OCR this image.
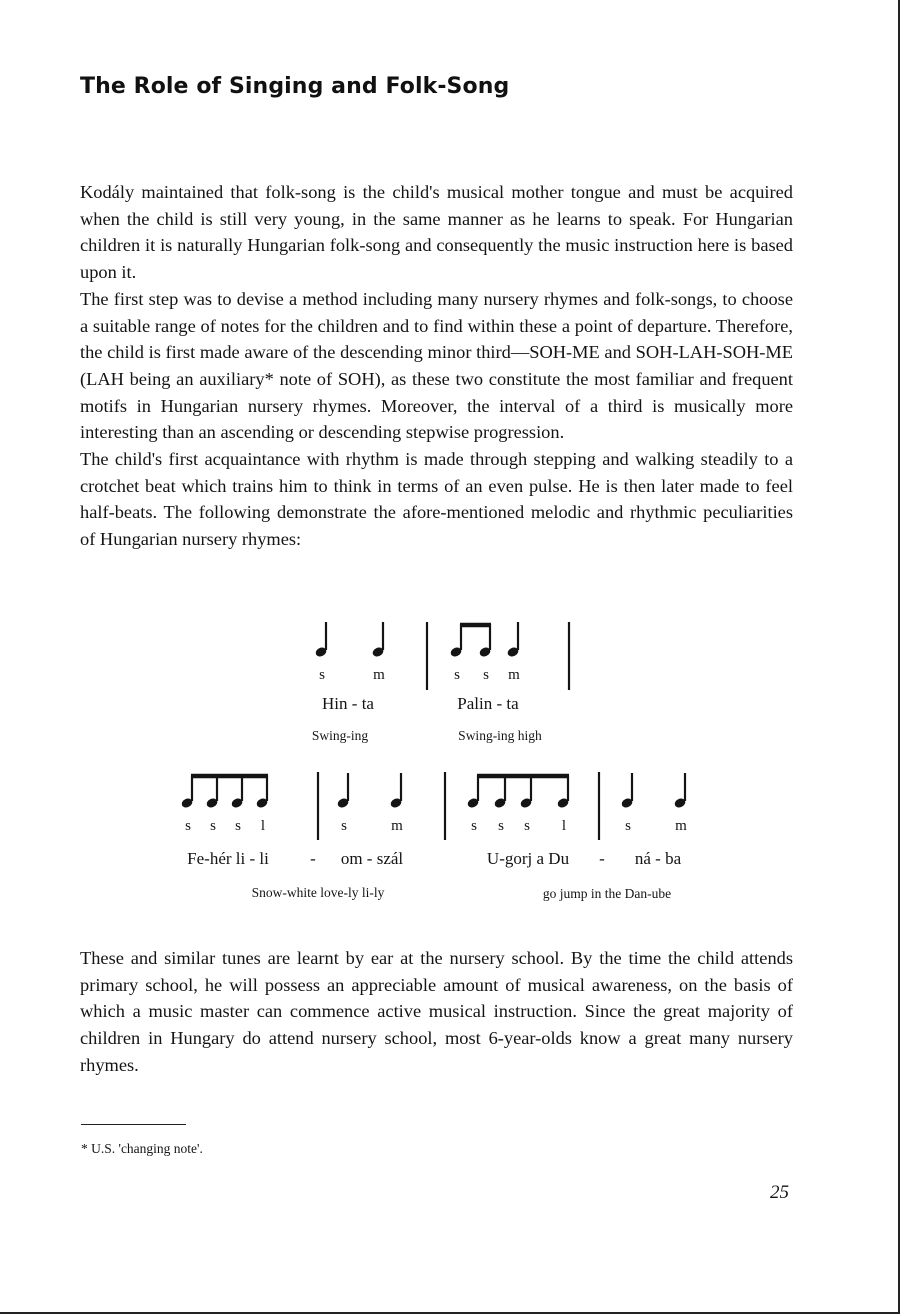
The Role of Singing and Folk-Song

Kodály maintained that folk-song is the child's musical mother tongue and must be acquired when the child is still very young, in the same manner as he learns to speak. For Hungarian children it is naturally Hungarian folk-song and consequently the music instruction here is based upon it.

The first step was to devise a method including many nursery rhymes and folk-songs, to choose a suitable range of notes for the children and to find within these a point of departure. Therefore, the child is first made aware of the descending minor third—SOH-ME and SOH-LAH-SOH-ME (LAH being an auxiliary* note of SOH), as these two constitute the most familiar and frequent motifs in Hungarian nursery rhymes. Moreover, the interval of a third is musically more interesting than an ascending or descending stepwise progression.

The child's first acquaintance with rhythm is made through stepping and walking steadily to a crotchet beat which trains him to think in terms of an even pulse. He is then later made to feel half-beats. The following demonstrate the afore-mentioned melodic and rhythmic peculiarities of Hungarian nursery rhymes:

s	m	s s m
Hin - ta	Palin - ta
Swing-ing	Swing-ing high
s s s l	s	m	s s s l	s	m
Fe-hér li - li - om - szál	U-gorj a Du - ná - ba
Snow-white love-ly li-ly	go jump in the Dan-ube

These and similar tunes are learnt by ear at the nursery school. By the time the child attends primary school, he will possess an appreciable amount of musical awareness, on the basis of which a music master can commence active musical instruction. Since the great majority of children in Hungary do attend nursery school, most 6-year-olds know a great many nursery rhymes.

* U.S. 'changing note'.
25
